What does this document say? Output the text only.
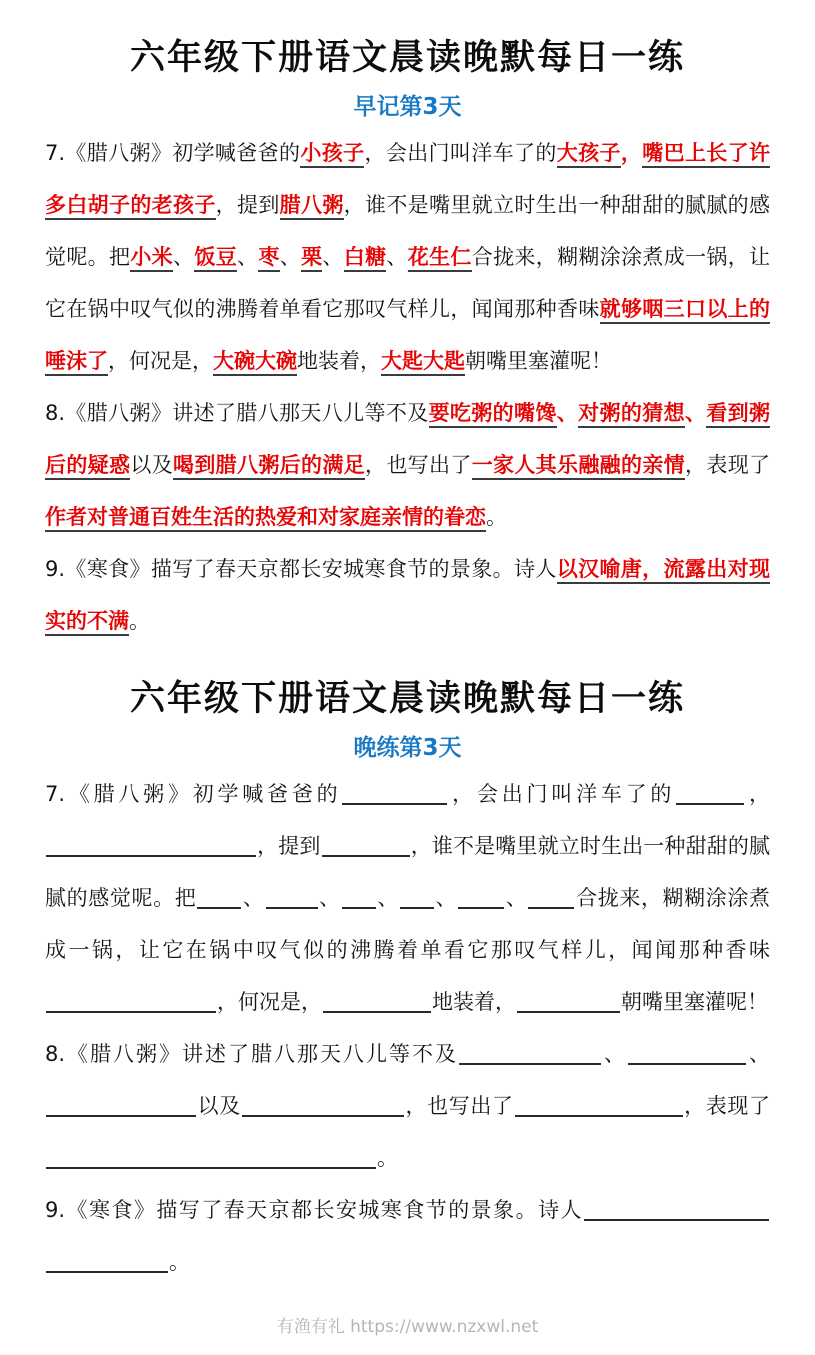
六年级下册语文晨读晚默每日一练
早记第3天

7.《腊八粥》初学喊爸爸的小孩子，会出门叫洋车了的大孩子，嘴巴上长了许多白胡子的老孩子，提到腊八粥，谁不是嘴里就立时生出一种甜甜的腻腻的感觉呢。把小米、饭豆、枣、栗、白糖、花生仁合拢来，糊糊涂涂煮成一锅，让它在锅中叹气似的沸腾着单看它那叹气样儿，闻闻那种香味就够咽三口以上的唾沫了，何况是，大碗大碗地装着，大匙大匙朝嘴里塞灌呢！

8.《腊八粥》讲述了腊八那天八儿等不及要吃粥的嘴馋、对粥的猜想、看到粥后的疑惑以及喝到腊八粥后的满足，也写出了一家人其乐融融的亲情，表现了作者对普通百姓生活的热爱和对家庭亲情的眷恋。

9.《寒食》描写了春天京都长安城寒食节的景象。诗人以汉喻唐，流露出对现实的不满。

六年级下册语文晨读晚默每日一练
晚练第3天

7.《腊八粥》初学喊爸爸的	，会出门叫洋车了的	，，提到	，谁不是嘴里就立时生出一种甜甜的腻腻的感觉呢。把 、	、 、 、 、 合拢来，糊糊涂涂煮成一锅，让它在锅中叹气似的沸腾着单看它那叹气样儿，闻闻那种香味，何况是，	地装着，	朝嘴里塞灌呢！

8.《腊八粥》讲述了腊八那天八儿等不及	、	、以及	，也写出了	，表现了。

9.《寒食》描写了春天京都长安城寒食节的景象。诗人。

有渔有礼 https://www.nzxwl.net
